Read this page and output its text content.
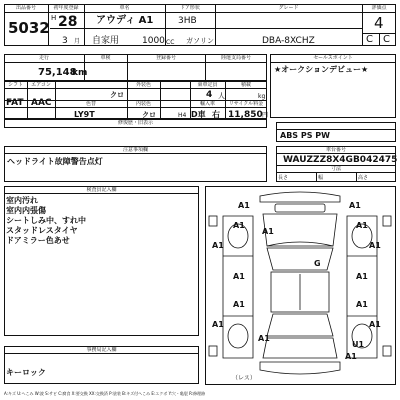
出品番号
5032
初年度登録
H 28
3 月
車名
アウディ A1
自家用
ドア形状
3HB
1000 CC ガソリン
グレード
DBA-8XCHZ
評価点
4
C C
走行
75,148
km
車検	登録番号	陸運支局番号	セールスポイント
★オークションデビュー★
シフト	エアコン
FAT AAC
外装色
クロ
乗車定員
4 人
積載
kg
色替	内装色	輸入車	リサイクル料金
LY9T	クロ	H4 D車 右 11,850 円
修復歴・旧表示
ABS PS PW
注意事項欄
ヘッドライト故障警告点灯
車台番号
WAUZZZ8X4GB042475
寸法
長さ	幅	高さ
検査員記入欄
室内汚れ
室内内張傷
シートしみ中、すれ中
スタッドレスタイヤ
ドアミラー色あせ
事務局記入欄
キーロック
A1	A1
A1	A1
A1
A1	A1
G
A1	A1
A1	A1
A1	A1
A1
U1
A1
（レス）
A:キズ U:へこみ W:波 S:サビ C:腐食 X:要交換 XX:交換済 P:塗装 B:キズ付へこみ E:エクボ Y:穴・亀裂 R:修理跡
